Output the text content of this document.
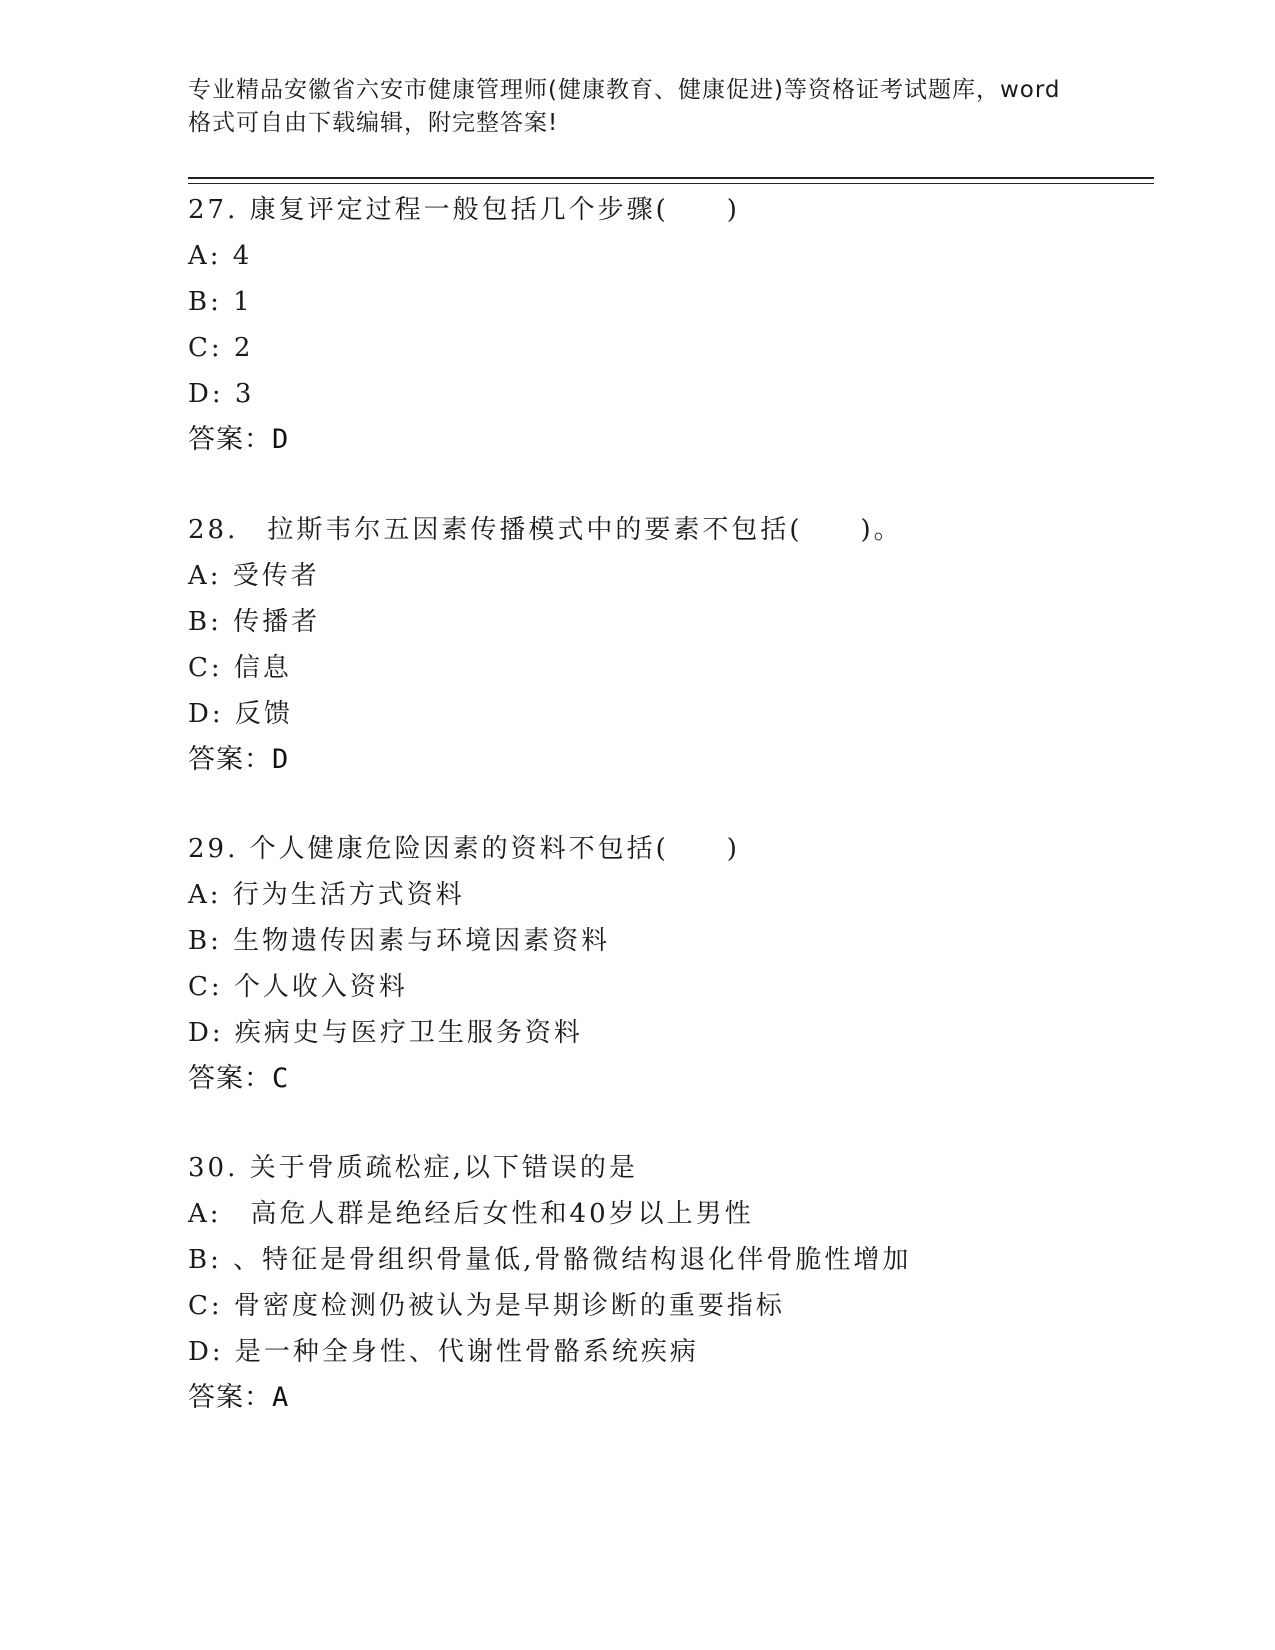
专业精品安徽省六安市健康管理师(健康教育、健康促进)等资格证考试题库，word
格式可自由下载编辑，附完整答案!
27. 康复评定过程一般包括几个步骤(　　)
A: 4
B: 1
C: 2
D: 3
答案：D
28.　拉斯韦尔五因素传播模式中的要素不包括(　　)。
A: 受传者
B: 传播者
C: 信息
D: 反馈
答案：D
29. 个人健康危险因素的资料不包括(　　)
A: 行为生活方式资料
B: 生物遗传因素与环境因素资料
C: 个人收入资料
D: 疾病史与医疗卫生服务资料
答案：C
30. 关于骨质疏松症,以下错误的是
A:　高危人群是绝经后女性和40岁以上男性
B: 、特征是骨组织骨量低,骨骼微结构退化伴骨脆性增加
C: 骨密度检测仍被认为是早期诊断的重要指标
D: 是一种全身性、代谢性骨骼系统疾病
答案：A
